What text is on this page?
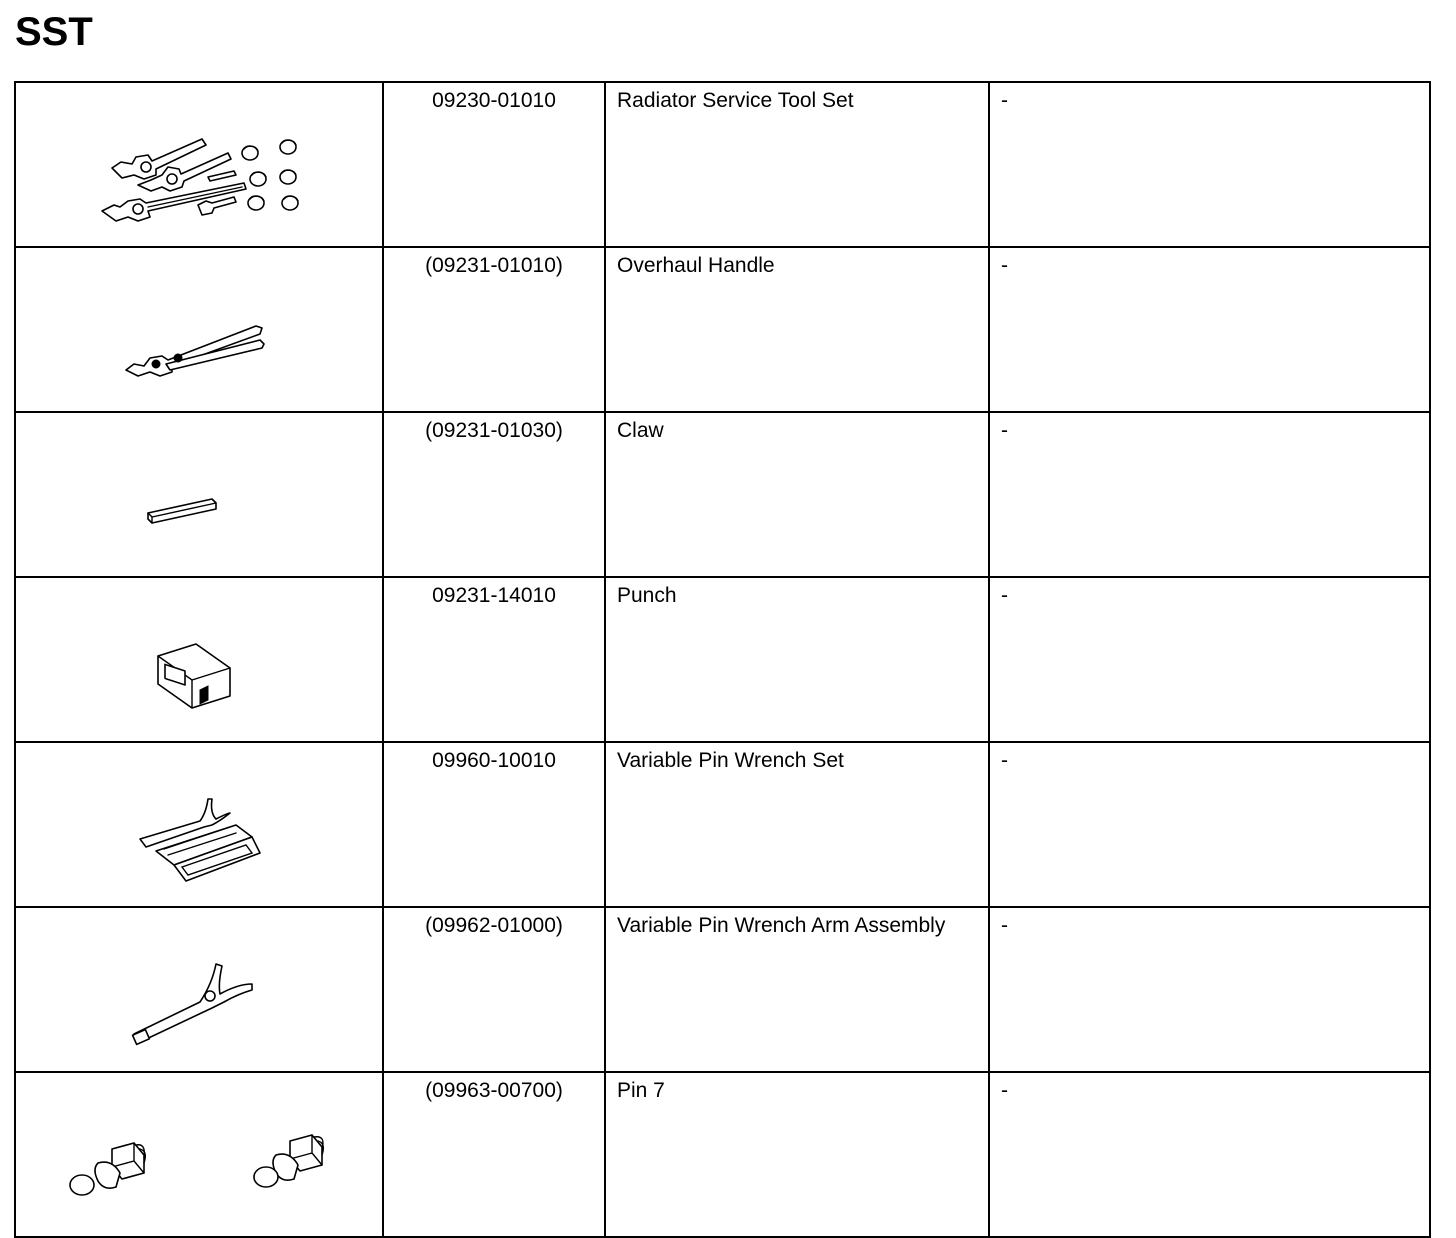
SST
	09230-01010	Radiator Service Tool Set	-

	(09231-01010)	Overhaul Handle	-

	(09231-01030)	Claw	-

	09231-14010	Punch	-

	09960-10010	Variable Pin Wrench Set	-

	(09962-01000)	Variable Pin Wrench Arm Assembly	-

	(09963-00700)	Pin 7	-
